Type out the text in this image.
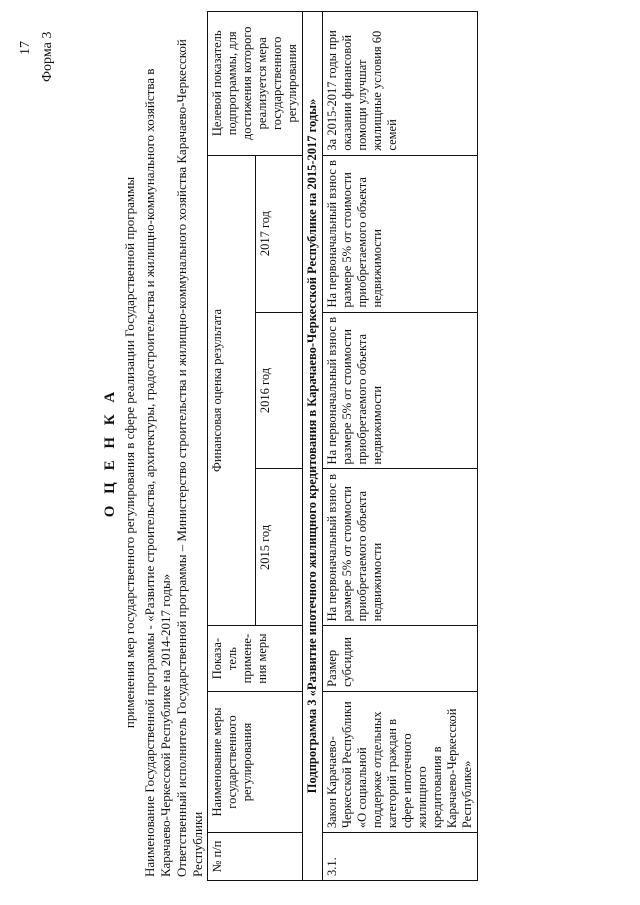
17 Форма 3
О Ц Е Н К А применения мер государственного регулирования в сфере реализации Государственной программы Наименование Государственной программы - «Развитие строительства, архитектуры, градостроительства и жилищно-коммунального хозяйства в Карачаево-Черкесской Республике на 2014-2017 годы» Ответственный исполнитель Государственной программы – Министерство строительства и жилищно-коммунального хозяйства Карачаево-Черкесской Республики № п/п	Наименование меры государственного регулирования	Показа-тель примене-ния меры	Финансовая оценка результата			Целевой показатель подпрограммы, для достижения которого реализуется мера государственного регулирования
			2015 год	2016 год	2017 год	
Подпрограмма 3 «Развитие ипотечного жилищного кредитования в Карачаево-Черкесской Республике на 2015-2017 годы»						
3.1.	Закон Карачаево-Черкесской Республики «О социальной поддержке отдельных категорий граждан в сфере ипотечного жилищного кредитования в Карачаево-Черкесской Республике»	Размер субсидии	На первоначальный взнос в размере 5% от стоимости приобретаемого объекта недвижимости	На первоначальный взнос в размере 5% от стоимости приобретаемого объекта недвижимости	На первоначальный взнос в размере 5% от стоимости приобретаемого объекта недвижимости	За 2015-2017 годы при оказании финансовой помощи улучшат жилищные условия 60 семей
